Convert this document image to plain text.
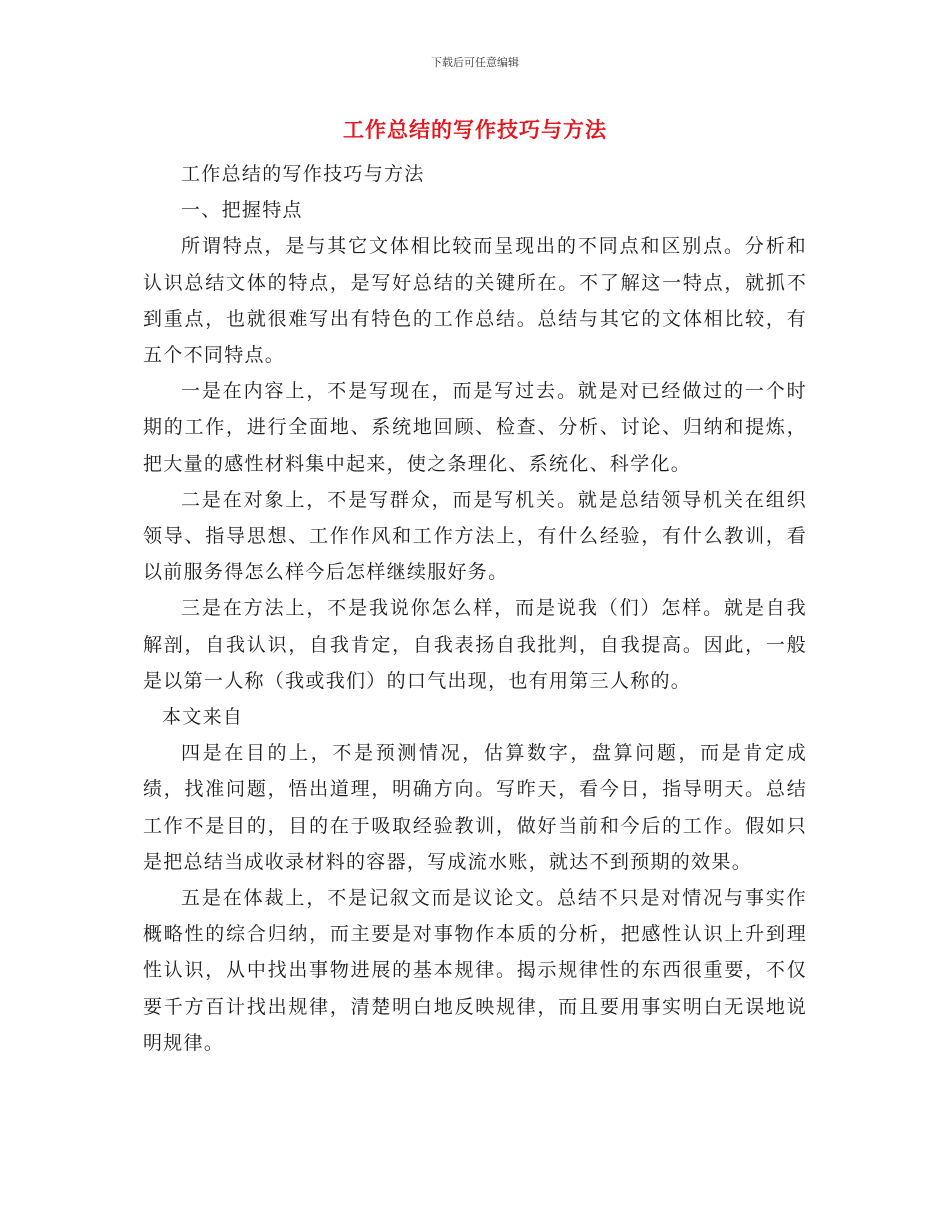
下载后可任意编辑
工作总结的写作技巧与方法

工作总结的写作技巧与方法

一、把握特点

所谓特点，是与其它文体相比较而呈现出的不同点和区别点。分析和认识总结文体的特点，是写好总结的关键所在。不了解这一特点，就抓不到重点，也就很难写出有特色的工作总结。总结与其它的文体相比较，有五个不同特点。

一是在内容上，不是写现在，而是写过去。就是对已经做过的一个时期的工作，进行全面地、系统地回顾、检查、分析、讨论、归纳和提炼，把大量的感性材料集中起来，使之条理化、系统化、科学化。

二是在对象上，不是写群众，而是写机关。就是总结领导机关在组织领导、指导思想、工作作风和工作方法上，有什么经验，有什么教训，看以前服务得怎么样今后怎样继续服好务。

三是在方法上，不是我说你怎么样，而是说我（们）怎样。就是自我解剖，自我认识，自我肯定，自我表扬自我批判，自我提高。因此，一般是以第一人称（我或我们）的口气出现，也有用第三人称的。

本文来自

四是在目的上，不是预测情况，估算数字，盘算问题，而是肯定成绩，找准问题，悟出道理，明确方向。写昨天，看今日，指导明天。总结工作不是目的，目的在于吸取经验教训，做好当前和今后的工作。假如只是把总结当成收录材料的容器，写成流水账，就达不到预期的效果。

五是在体裁上，不是记叙文而是议论文。总结不只是对情况与事实作概略性的综合归纳，而主要是对事物作本质的分析，把感性认识上升到理性认识，从中找出事物进展的基本规律。揭示规律性的东西很重要，不仅要千方百计找出规律，清楚明白地反映规律，而且要用事实明白无误地说明规律。
